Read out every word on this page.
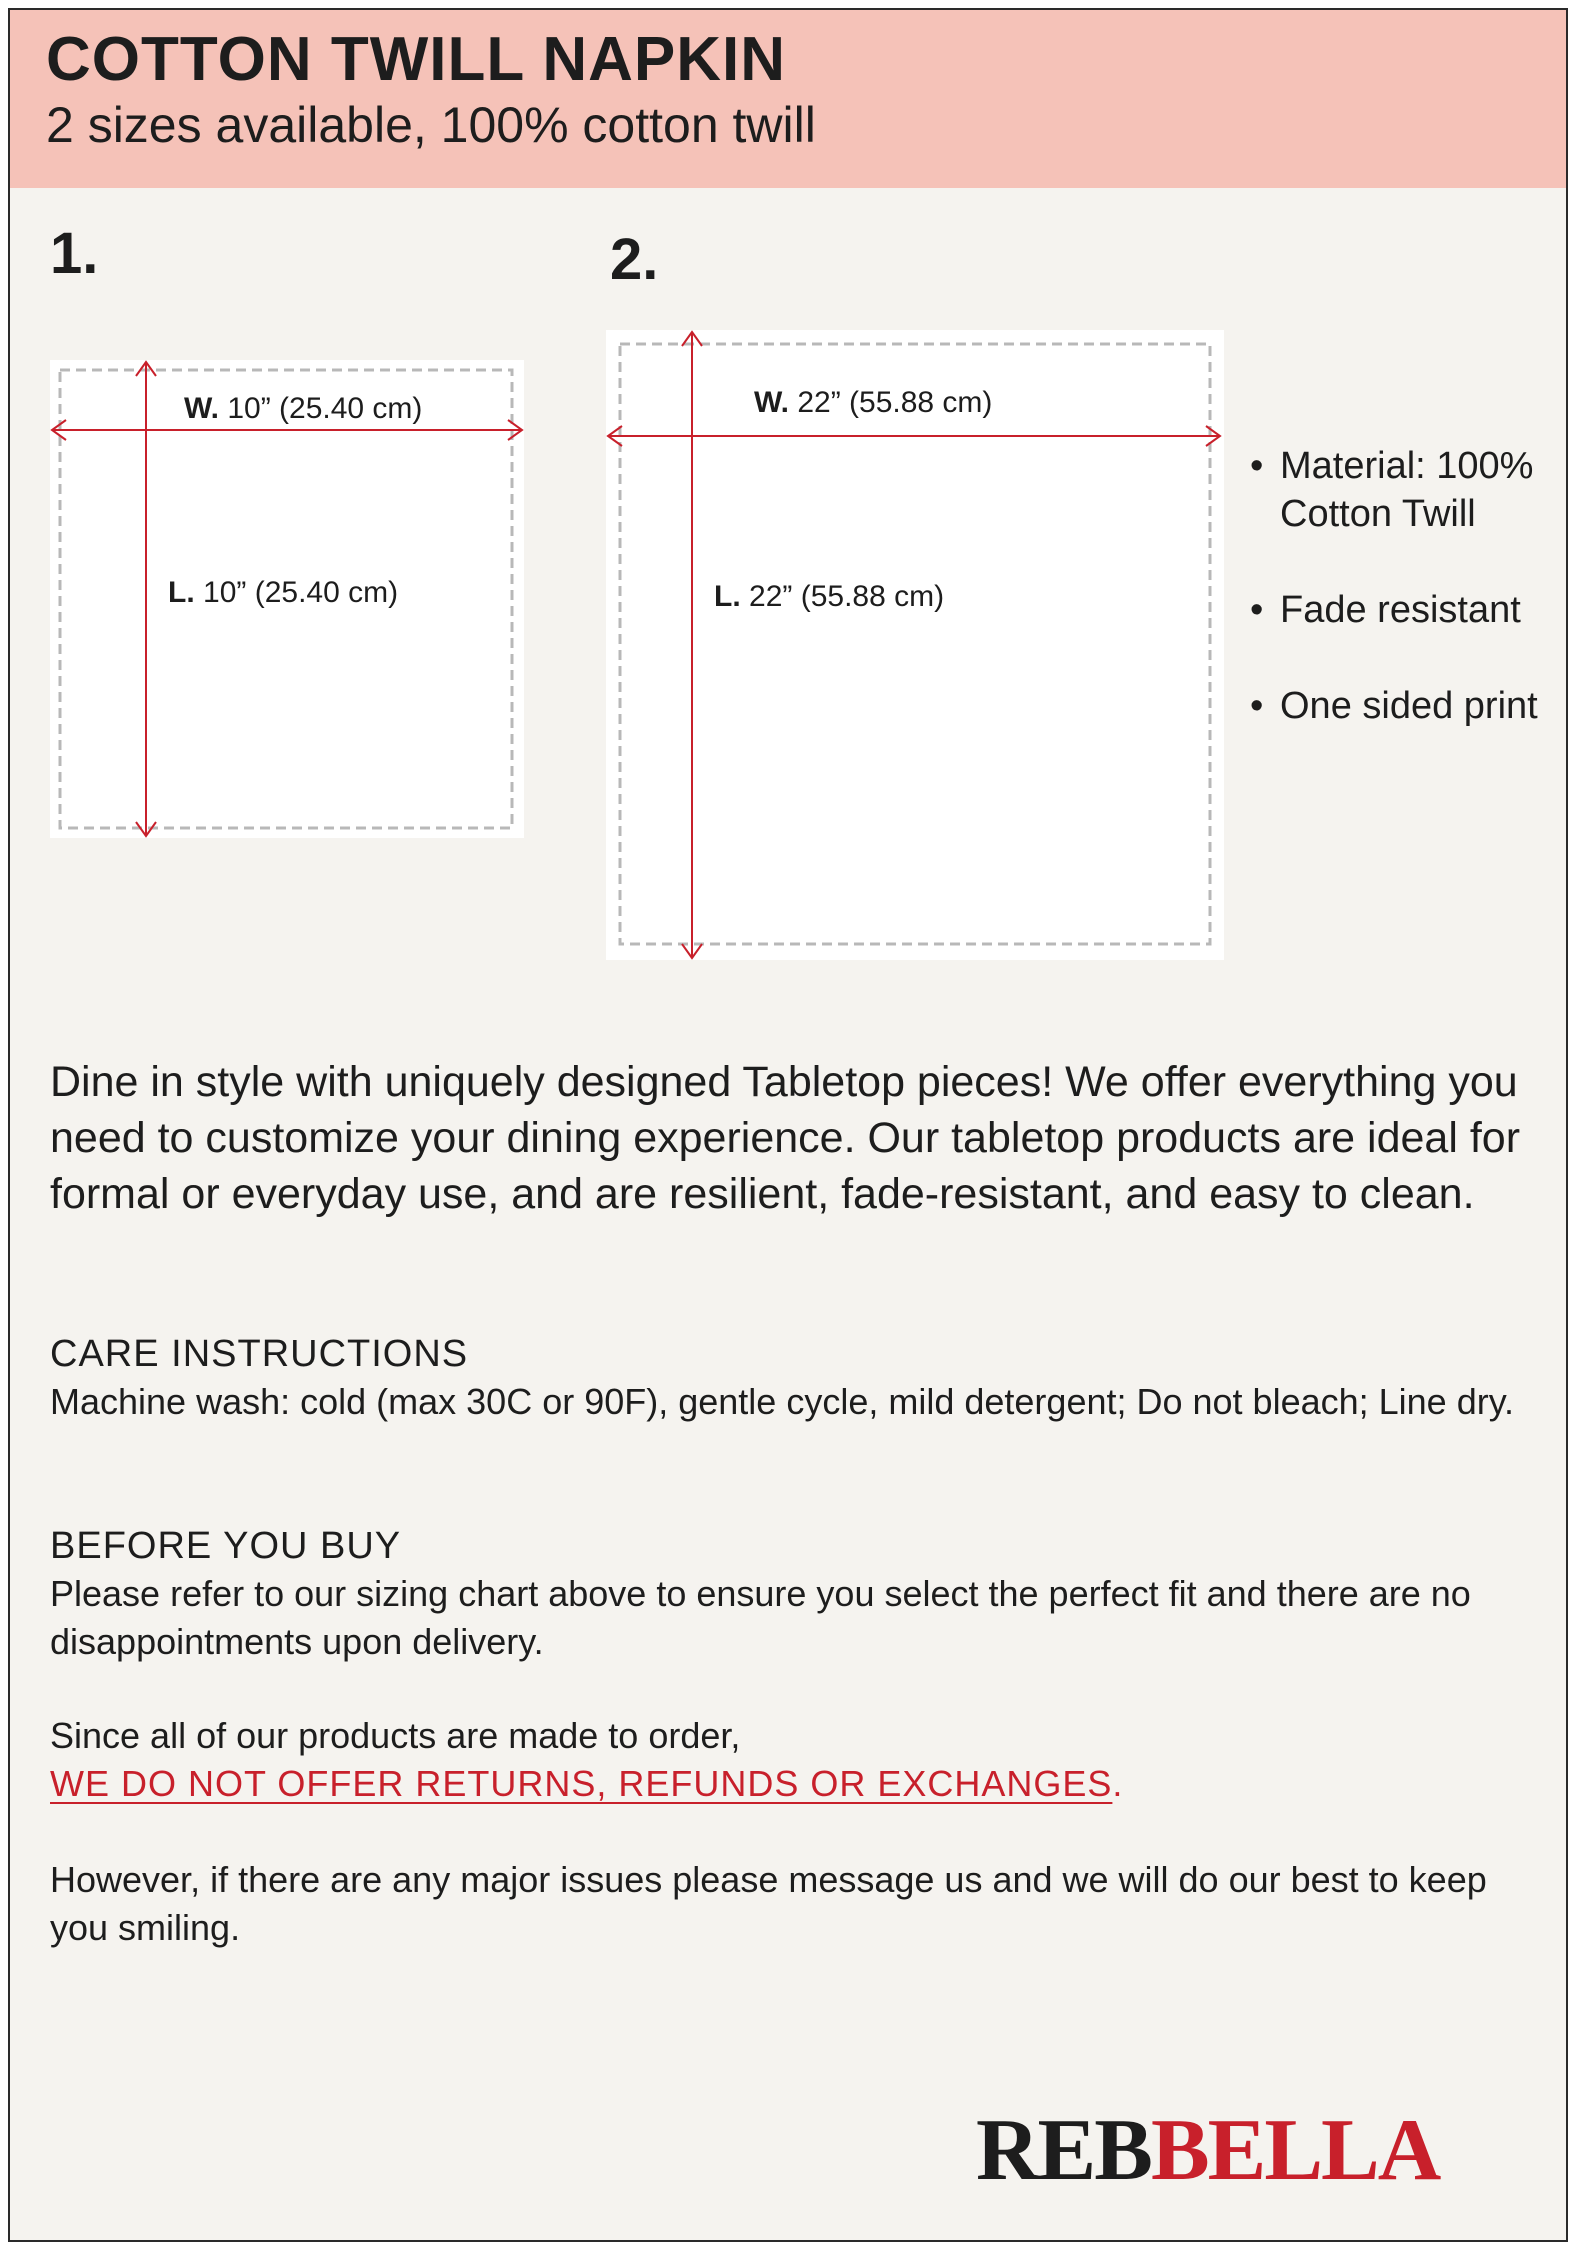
COTTON TWILL NAPKIN
2 sizes available, 100% cotton twill
1.
W. 10” (25.40 cm)
L. 10” (25.40 cm)
2.
W. 22” (55.88 cm)
L. 22” (55.88 cm)
• Material: 100% Cotton Twill
• Fade resistant
• One sided print

Dine in style with uniquely designed Tabletop pieces! We offer everything you need to customize your dining experience. Our tabletop products are ideal for formal or everyday use, and are resilient, fade-resistant, and easy to clean.

CARE INSTRUCTIONS

Machine wash: cold (max 30C or 90F), gentle cycle, mild detergent; Do not bleach; Line dry.

BEFORE YOU BUY

Please refer to our sizing chart above to ensure you select the perfect fit and there are no disappointments upon delivery.

Since all of our products are made to order,

WE DO NOT OFFER RETURNS, REFUNDS OR EXCHANGES.

However, if there are any major issues please message us and we will do our best to keep you smiling.

REBBELLA
